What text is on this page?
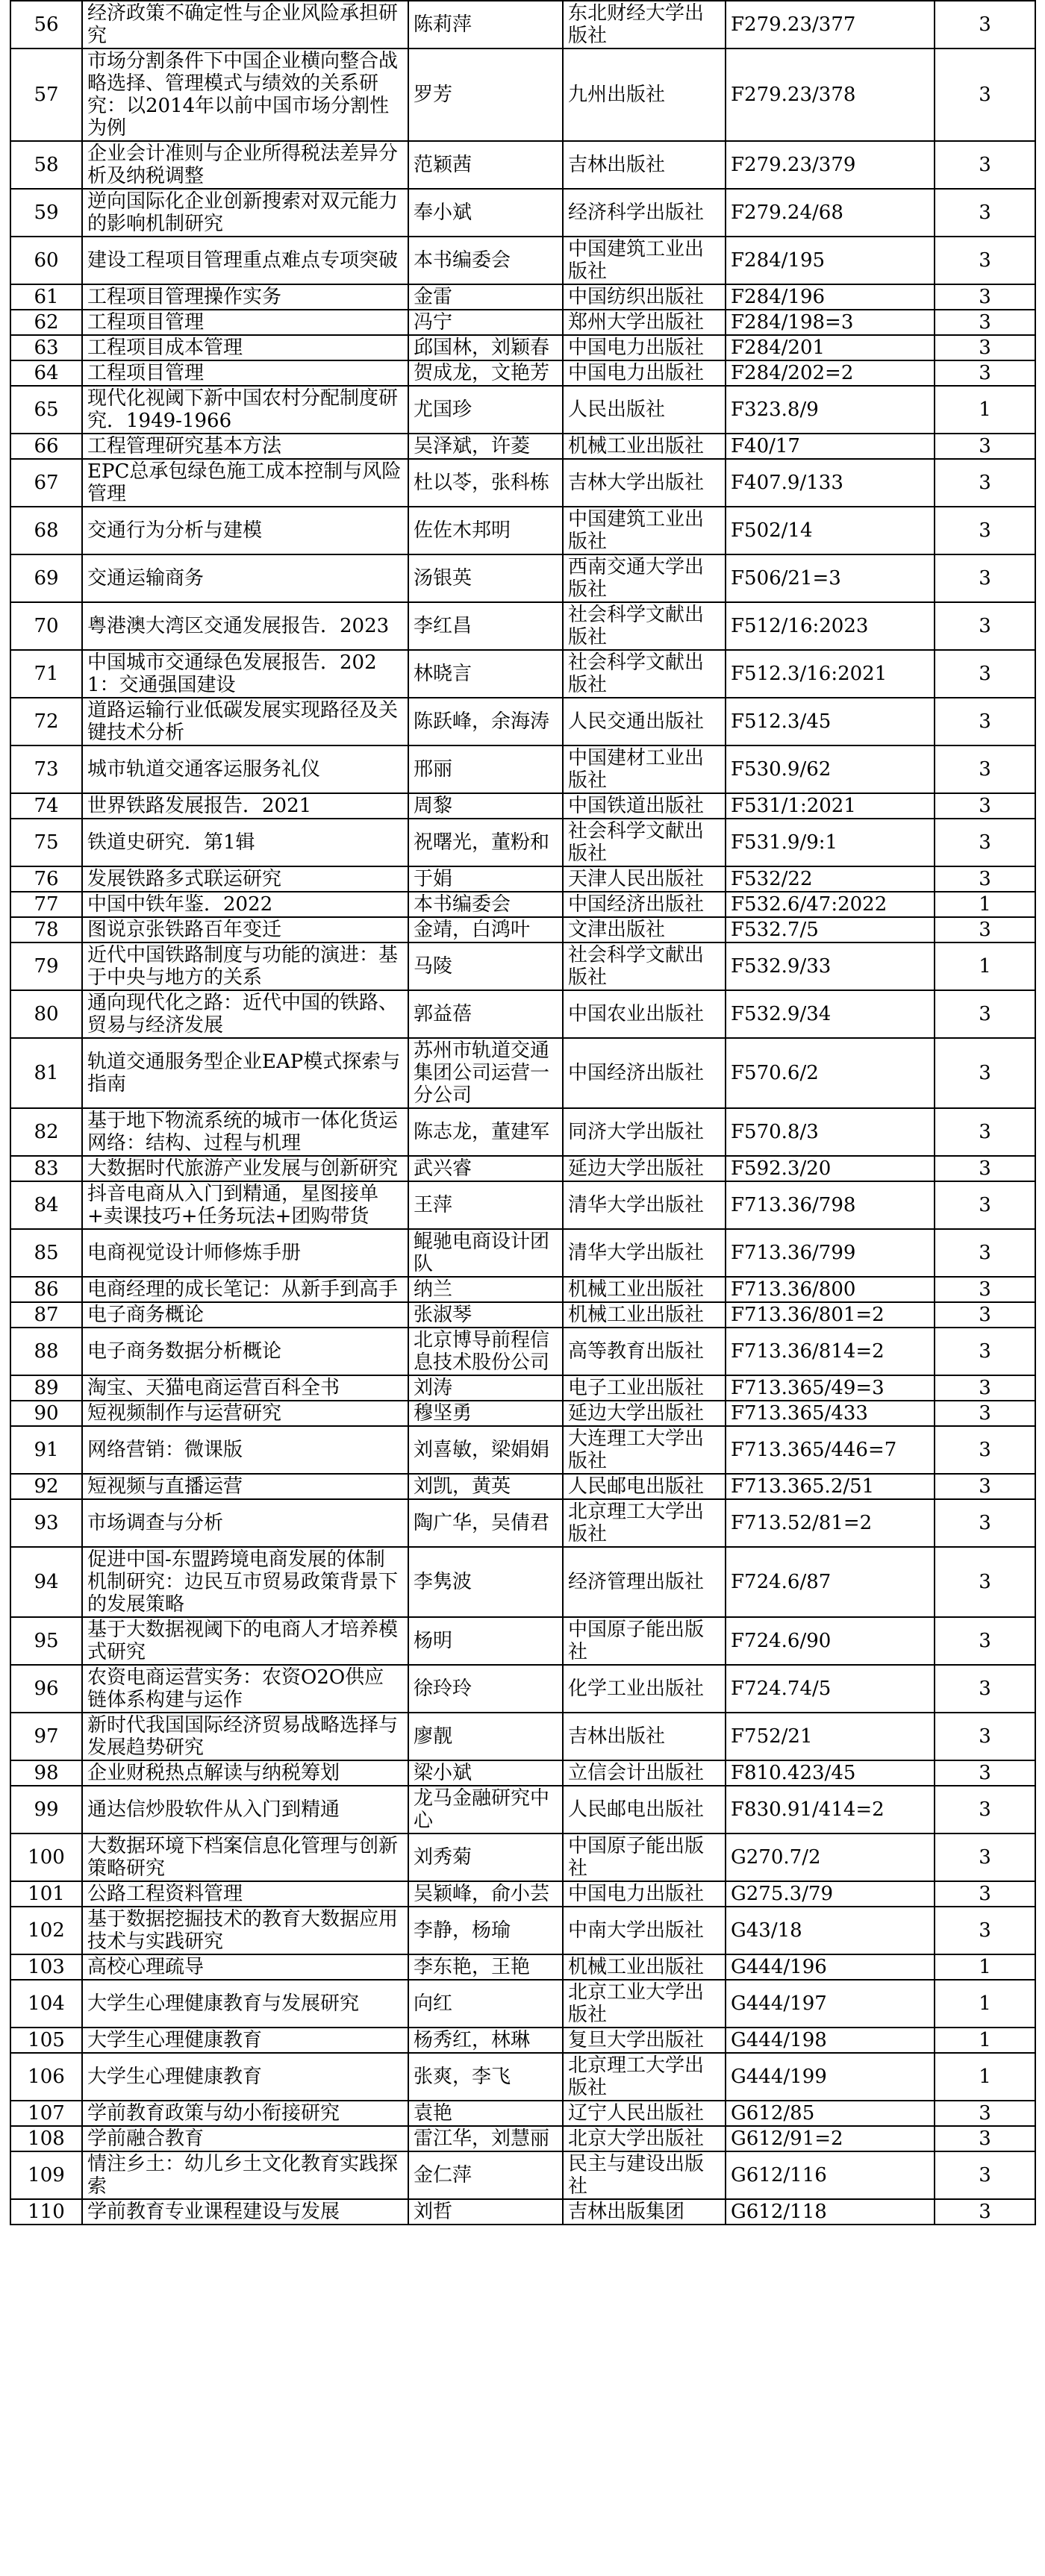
56	经济政策不确定性与企业风险承担研究	陈莉萍	东北财经大学出版社	F279.23/377	3
57	市场分割条件下中国企业横向整合战略选择、管理模式与绩效的关系研究：以2014年以前中国市场分割性为例	罗芳	九州出版社	F279.23/378	3
58	企业会计准则与企业所得税法差异分析及纳税调整	范颖茜	吉林出版社	F279.23/379	3
59	逆向国际化企业创新搜索对双元能力的影响机制研究	奉小斌	经济科学出版社	F279.24/68	3
60	建设工程项目管理重点难点专项突破	本书编委会	中国建筑工业出版社	F284/195	3
61	工程项目管理操作实务	金雷	中国纺织出版社	F284/196	3
62	工程项目管理	冯宁	郑州大学出版社	F284/198=3	3
63	工程项目成本管理	邱国林，刘颖春	中国电力出版社	F284/201	3
64	工程项目管理	贺成龙，文艳芳	中国电力出版社	F284/202=2	3
65	现代化视阈下新中国农村分配制度研究．1949-1966	尤国珍	人民出版社	F323.8/9	1
66	工程管理研究基本方法	吴泽斌，许菱	机械工业出版社	F40/17	3
67	EPC总承包绿色施工成本控制与风险管理	杜以苓，张科栋	吉林大学出版社	F407.9/133	3
68	交通行为分析与建模	佐佐木邦明	中国建筑工业出版社	F502/14	3
69	交通运输商务	汤银英	西南交通大学出版社	F506/21=3	3
70	粤港澳大湾区交通发展报告．2023	李红昌	社会科学文献出版社	F512/16:2023	3
71	中国城市交通绿色发展报告．2021：交通强国建设	林晓言	社会科学文献出版社	F512.3/16:2021	3
72	道路运输行业低碳发展实现路径及关键技术分析	陈跃峰，余海涛	人民交通出版社	F512.3/45	3
73	城市轨道交通客运服务礼仪	邢丽	中国建材工业出版社	F530.9/62	3
74	世界铁路发展报告．2021	周黎	中国铁道出版社	F531/1:2021	3
75	铁道史研究．第1辑	祝曙光，董粉和	社会科学文献出版社	F531.9/9:1	3
76	发展铁路多式联运研究	于娟	天津人民出版社	F532/22	3
77	中国中铁年鉴．2022	本书编委会	中国经济出版社	F532.6/47:2022	1
78	图说京张铁路百年变迁	金靖，白鸿叶	文津出版社	F532.7/5	3
79	近代中国铁路制度与功能的演进：基于中央与地方的关系	马陵	社会科学文献出版社	F532.9/33	1
80	通向现代化之路：近代中国的铁路、贸易与经济发展	郭益蓓	中国农业出版社	F532.9/34	3
81	轨道交通服务型企业EAP模式探索与指南	苏州市轨道交通集团公司运营一分公司	中国经济出版社	F570.6/2	3
82	基于地下物流系统的城市一体化货运网络：结构、过程与机理	陈志龙，董建军	同济大学出版社	F570.8/3	3
83	大数据时代旅游产业发展与创新研究	武兴睿	延边大学出版社	F592.3/20	3
84	抖音电商从入门到精通，星图接单+卖课技巧+任务玩法+团购带货	王萍	清华大学出版社	F713.36/798	3
85	电商视觉设计师修炼手册	鲲驰电商设计团队	清华大学出版社	F713.36/799	3
86	电商经理的成长笔记：从新手到高手	纳兰	机械工业出版社	F713.36/800	3
87	电子商务概论	张淑琴	机械工业出版社	F713.36/801=2	3
88	电子商务数据分析概论	北京博导前程信息技术股份公司	高等教育出版社	F713.36/814=2	3
89	淘宝、天猫电商运营百科全书	刘涛	电子工业出版社	F713.365/49=3	3
90	短视频制作与运营研究	穆坚勇	延边大学出版社	F713.365/433	3
91	网络营销：微课版	刘喜敏，梁娟娟	大连理工大学出版社	F713.365/446=7	3
92	短视频与直播运营	刘凯，黄英	人民邮电出版社	F713.365.2/51	3
93	市场调查与分析	陶广华，吴倩君	北京理工大学出版社	F713.52/81=2	3
94	促进中国-东盟跨境电商发展的体制机制研究：边民互市贸易政策背景下的发展策略	李隽波	经济管理出版社	F724.6/87	3
95	基于大数据视阈下的电商人才培养模式研究	杨明	中国原子能出版社	F724.6/90	3
96	农资电商运营实务：农资O2O供应链体系构建与运作	徐玲玲	化学工业出版社	F724.74/5	3
97	新时代我国国际经济贸易战略选择与发展趋势研究	廖靓	吉林出版社	F752/21	3
98	企业财税热点解读与纳税筹划	梁小斌	立信会计出版社	F810.423/45	3
99	通达信炒股软件从入门到精通	龙马金融研究中心	人民邮电出版社	F830.91/414=2	3
100	大数据环境下档案信息化管理与创新策略研究	刘秀菊	中国原子能出版社	G270.7/2	3
101	公路工程资料管理	吴颖峰，俞小芸	中国电力出版社	G275.3/79	3
102	基于数据挖掘技术的教育大数据应用技术与实践研究	李静，杨瑜	中南大学出版社	G43/18	3
103	高校心理疏导	李东艳，王艳	机械工业出版社	G444/196	1
104	大学生心理健康教育与发展研究	向红	北京工业大学出版社	G444/197	1
105	大学生心理健康教育	杨秀红，林琳	复旦大学出版社	G444/198	1
106	大学生心理健康教育	张爽，李飞	北京理工大学出版社	G444/199	1
107	学前教育政策与幼小衔接研究	袁艳	辽宁人民出版社	G612/85	3
108	学前融合教育	雷江华，刘慧丽	北京大学出版社	G612/91=2	3
109	情注乡土：幼儿乡土文化教育实践探索	金仁萍	民主与建设出版社	G612/116	3
110	学前教育专业课程建设与发展	刘哲	吉林出版集团	G612/118	3
